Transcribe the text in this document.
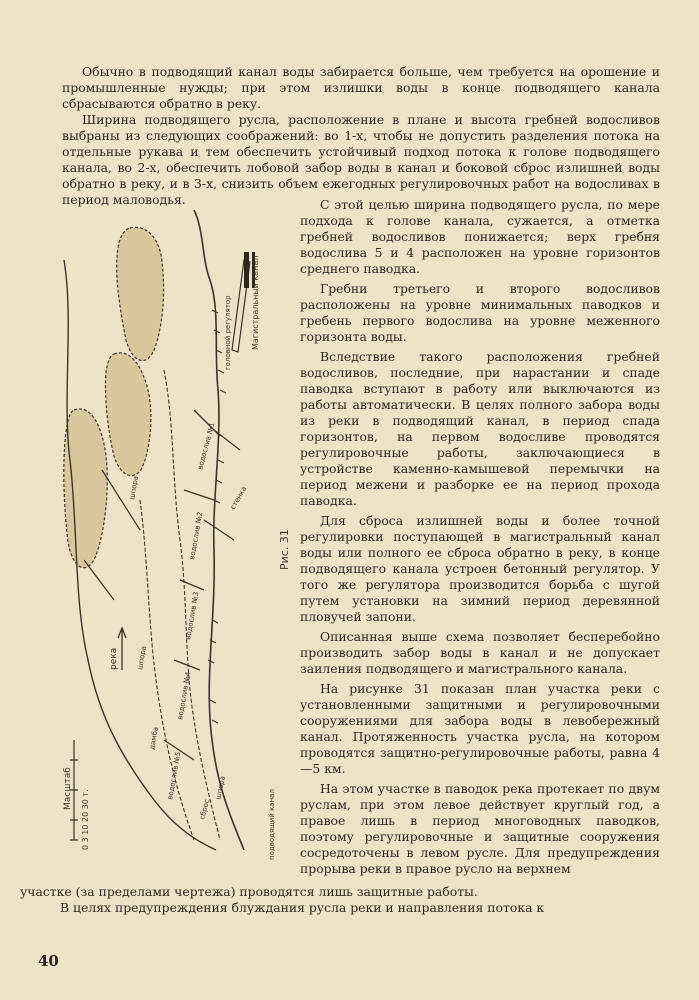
Обычно в подводящий канал воды забирается больше, чем требуется на орошение и промышленные нужды; при этом излишки воды в конце подводящего канала сбрасываются обратно в реку.

Ширина подводящего русла, расположение в плане и высота гребней водосливов выбраны из следующих соображений: во 1-х, чтобы не допустить разделения потока на отдельные рукава и тем обеспечить устойчивый подход потока к голове подводящего канала, во 2-х, обеспечить лобовой забор воды в канал и боковой сброс излишней воды обратно в реку, и в 3-х, снизить объем ежегодных регулировочных работ на водосливах в период маловодья.

река
Магистральный канал
головной регулятор
водослив №1
водослив №2
водослив №3
водослив №4
водослив №5
шпора
шпора
дамба
стенка
подводящий канал
сброс
шпора
Масштаб
0 3 10 20 30 т.
Рис. 31

С этой целью ширина подводящего русла, по мере подхода к голове канала, сужается, а отметка гребней водосливов понижается; верх гребня водослива 5 и 4 расположен на уровне горизонтов среднего паводка.

Гребни третьего и второго водосливов расположены на уровне минимальных паводков и гребень первого водослива на уровне меженного горизонта воды.

Вследствие такого расположения гребней водосливов, последние, при нарастании и спаде паводка вступают в работу или выключаются из работы автоматически. В целях полного забора воды из реки в подводящий канал, в период спада горизонтов, на первом водосливе проводятся регулировочные работы, заключающиеся в устройстве каменно-камышевой перемычки на период межени и разборке ее на период прохода паводка.

Для сброса излишней воды и более точной регулировки поступающей в магистральный канал воды или полного ее сброса обратно в реку, в конце подводящего канала устроен бетонный регулятор. У того же регулятора производится борьба с шугой путем установки на зимний период деревянной пловучей запони.

Описанная выше схема позволяет бесперебойно производить забор воды в канал и не допускает заиления подводящего и магистрального канала.

На рисунке 31 показан план участка реки с установленными защитными и регулировочными сооружениями для забора воды в левобережный канал. Протяженность участка русла, на котором проводятся защитно-регулировочные работы, равна 4—5 км.

На этом участке в паводок река протекает по двум руслам, при этом левое действует круглый год, а правое лишь в период многоводных паводков, поэтому регулировочные и защитные сооружения сосредоточены в левом русле. Для предупреждения прорыва реки в правое русло на верхнем

участке (за пределами чертежа) проводятся лишь защитные работы.

В целях предупреждения блуждания русла реки и направления потока к

40
